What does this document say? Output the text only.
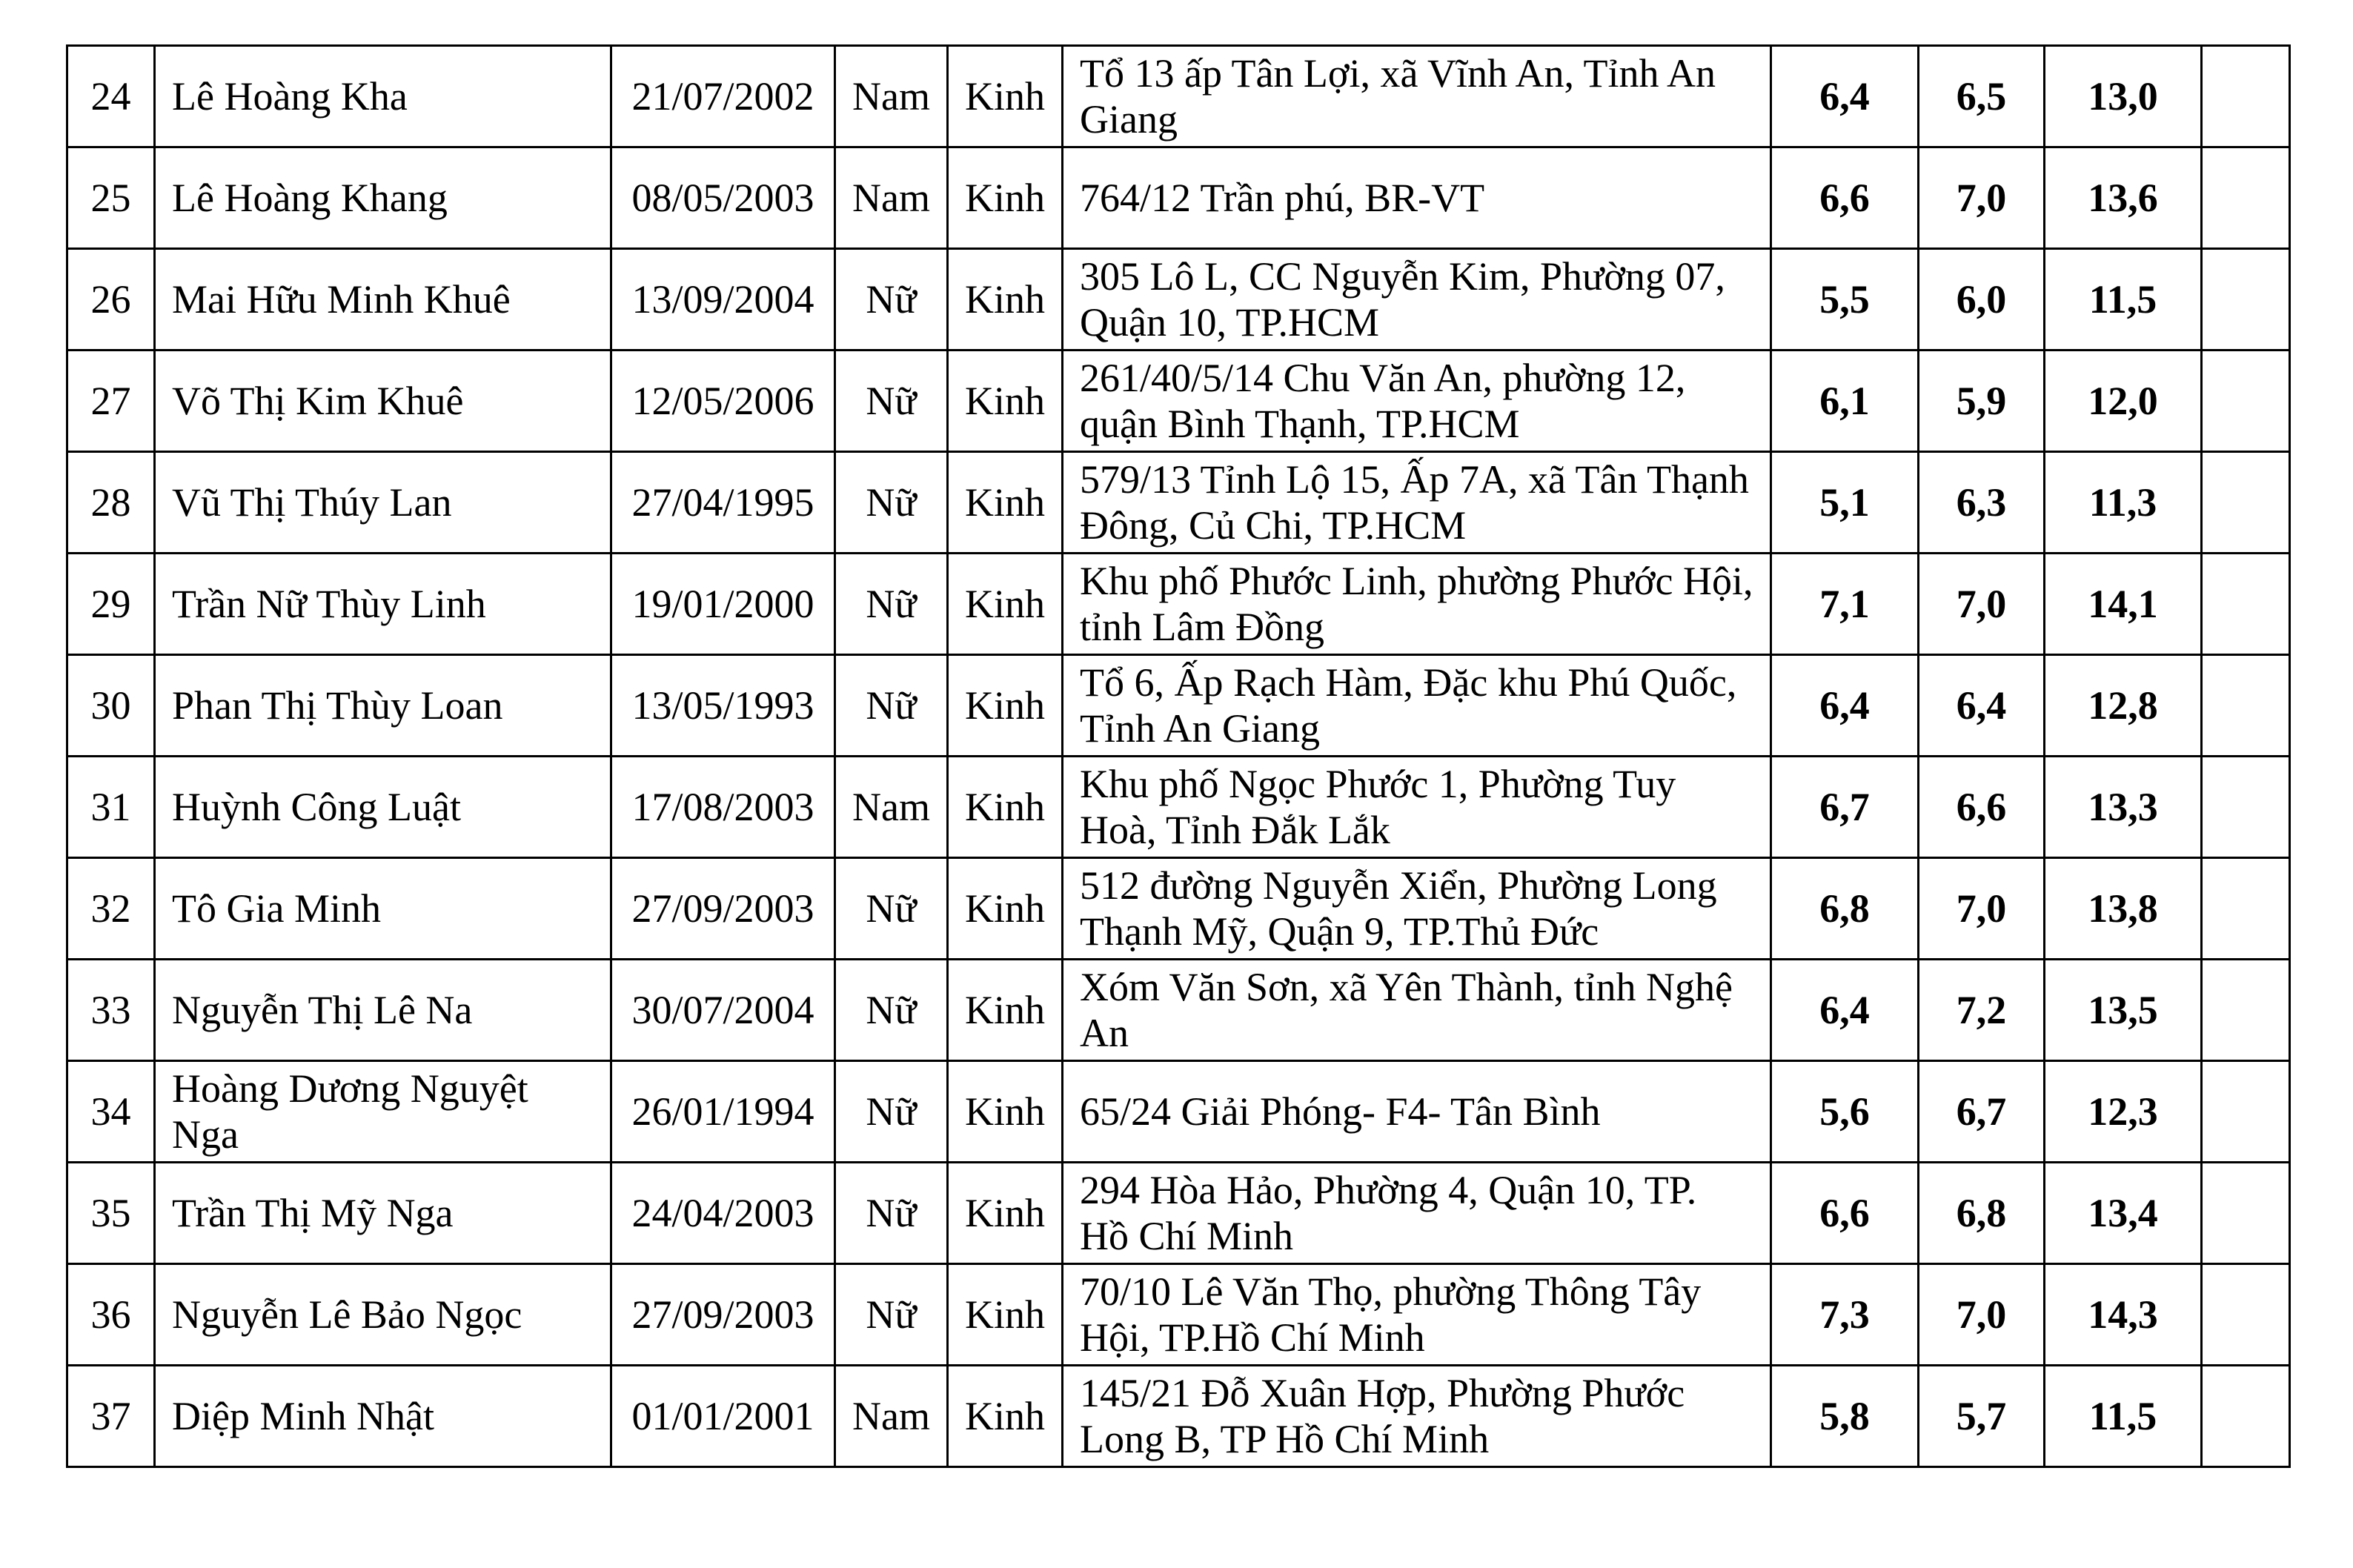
24	Lê Hoàng Kha	21/07/2002	Nam	Kinh	Tổ 13 ấp Tân Lợi, xã Vĩnh An, Tỉnh An Giang	6,4	6,5	13,0	
25	Lê Hoàng Khang	08/05/2003	Nam	Kinh	764/12 Trần phú, BR-VT	6,6	7,0	13,6	
26	Mai Hữu Minh Khuê	13/09/2004	Nữ	Kinh	305 Lô L, CC Nguyễn Kim, Phường 07, Quận 10, TP.HCM	5,5	6,0	11,5	
27	Võ Thị Kim Khuê	12/05/2006	Nữ	Kinh	261/40/5/14 Chu Văn An, phường 12, quận Bình Thạnh, TP.HCM	6,1	5,9	12,0	
28	Vũ Thị Thúy Lan	27/04/1995	Nữ	Kinh	579/13 Tỉnh Lộ 15, Ấp 7A, xã Tân Thạnh Đông, Củ Chi, TP.HCM	5,1	6,3	11,3	
29	Trần Nữ Thùy Linh	19/01/2000	Nữ	Kinh	Khu phố Phước Linh, phường Phước Hội, tỉnh Lâm Đồng	7,1	7,0	14,1	
30	Phan Thị Thùy Loan	13/05/1993	Nữ	Kinh	Tổ 6, Ấp Rạch Hàm, Đặc khu Phú Quốc, Tỉnh An Giang	6,4	6,4	12,8	
31	Huỳnh Công Luật	17/08/2003	Nam	Kinh	Khu phố Ngọc Phước 1, Phường Tuy Hoà, Tỉnh Đắk Lắk	6,7	6,6	13,3	
32	Tô Gia Minh	27/09/2003	Nữ	Kinh	512 đường Nguyễn Xiển, Phường Long Thạnh Mỹ, Quận 9, TP.Thủ Đức	6,8	7,0	13,8	
33	Nguyễn Thị Lê Na	30/07/2004	Nữ	Kinh	Xóm Văn Sơn, xã Yên Thành, tỉnh Nghệ An	6,4	7,2	13,5	
34	Hoàng Dương Nguyệt Nga	26/01/1994	Nữ	Kinh	65/24 Giải Phóng- F4- Tân Bình	5,6	6,7	12,3	
35	Trần Thị Mỹ Nga	24/04/2003	Nữ	Kinh	294 Hòa Hảo, Phường 4, Quận 10, TP. Hồ Chí Minh	6,6	6,8	13,4	
36	Nguyễn Lê Bảo Ngọc	27/09/2003	Nữ	Kinh	70/10 Lê Văn Thọ, phường Thông Tây Hội, TP.Hồ Chí Minh	7,3	7,0	14,3	
37	Diệp Minh Nhật	01/01/2001	Nam	Kinh	145/21 Đỗ Xuân Hợp, Phường Phước Long B, TP Hồ Chí Minh	5,8	5,7	11,5	
